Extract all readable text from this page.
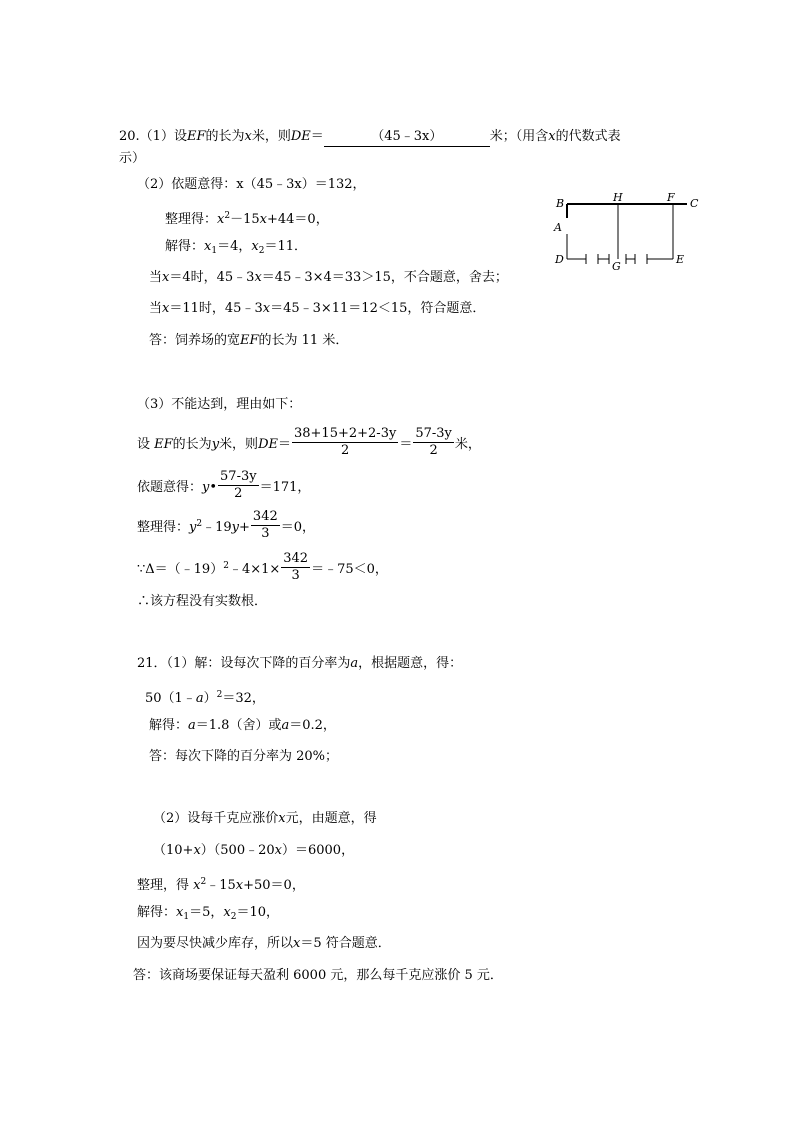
20.（1）设EF的长为x米，则DE＝	（45﹣3x）	米；（用含x的代数式表
示）
（2）依题意得：x（45﹣3x）＝132，
整理得：$x^2-15x+44=0$，
解得：$x_1=4$，$x_2=11$．
当x＝4时，45﹣3x＝45﹣3×4＝33＞15，不合题意，舍去；
当x＝11时，45﹣3x＝45﹣3×11＝12＜15，符合题意．
答：饲养场的宽EF的长为 11 米．
B	H	F C
A
D
G
E
（3）不能达到，理由如下：
设 EF的长为y米，则$DE= \frac{38+15+2+2-3y}{2} = \frac{57-3y}{2}$ 米，
依题意得：y• $\frac{57-3y}{2} =171$，
整理得：$y^2﹣19y+ \frac{342}{3} =0$，
∵Δ＝（﹣19）$^2$﹣4×1× $\frac{342}{3}$ ＝﹣75＜0，
∴该方程没有实数根．
21．（1）解：设每次下降的百分率为a，根据题意，得：
50（1﹣a）$^2$＝32，
解得：a＝1.8（舍）或a＝0.2，
答：每次下降的百分率为 20%；
（2）设每千克应涨价x元，由题意，得
（10+x）（500﹣20x）＝6000，
整理，得 $x^2﹣15x+50=0$，
解得：$x_1=5$，$x_2=10$，
因为要尽快减少库存，所以x＝5 符合题意．
答：该商场要保证每天盈利 6000 元，那么每千克应涨价 5 元．
